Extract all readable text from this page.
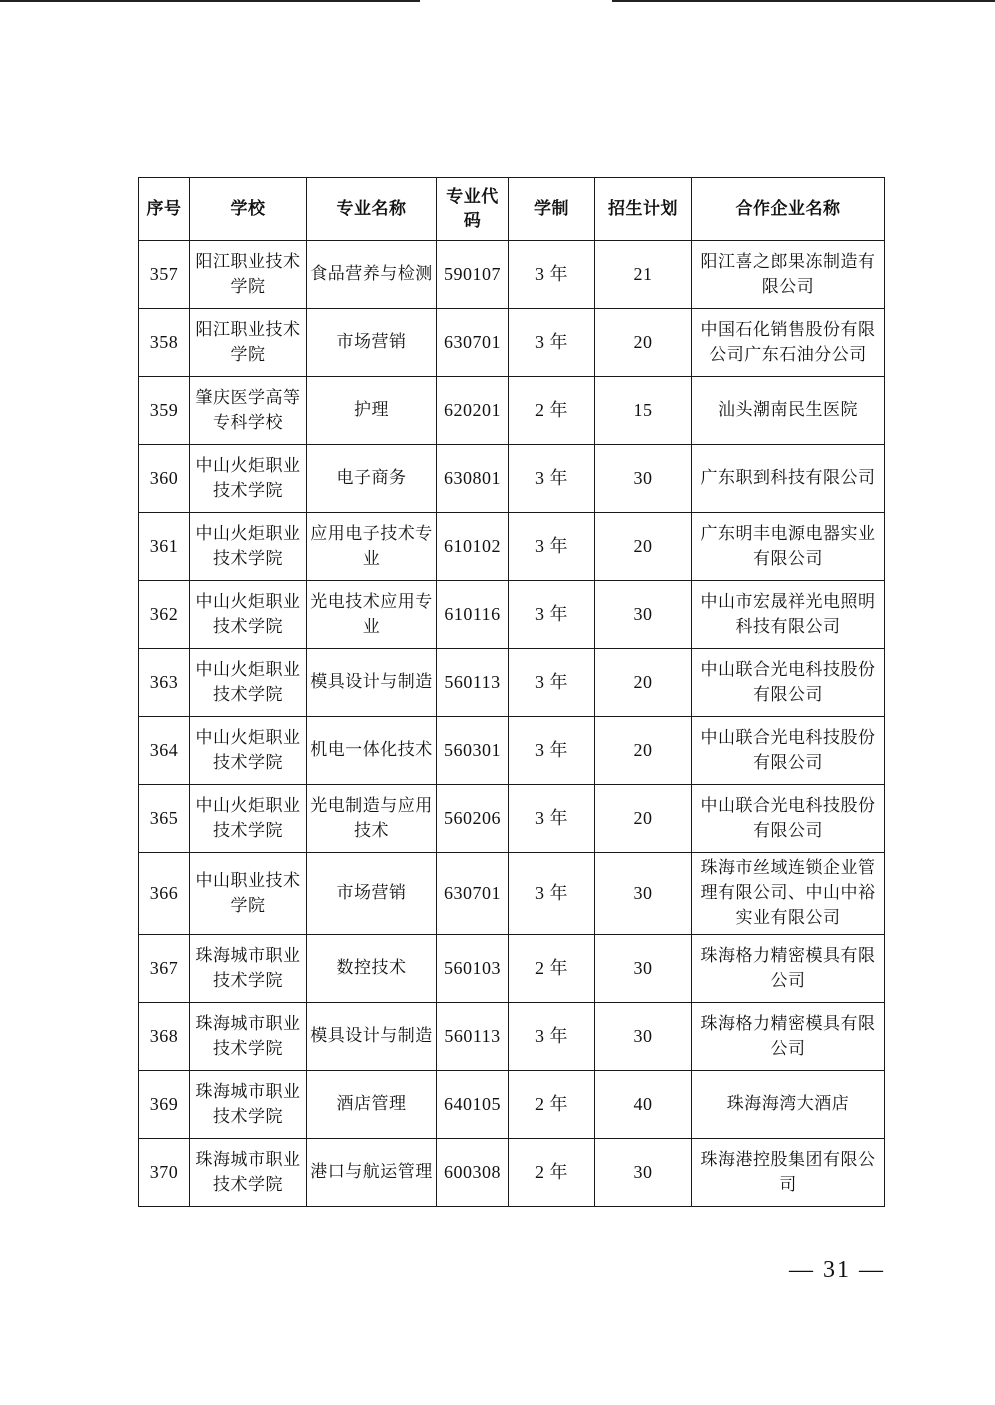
序号	学校	专业名称	专业代码	学制	招生计划	合作企业名称
357	阳江职业技术学院	食品营养与检测	590107	3 年	21	阳江喜之郎果冻制造有限公司
358	阳江职业技术学院	市场营销	630701	3 年	20	中国石化销售股份有限公司广东石油分公司
359	肇庆医学高等专科学校	护理	620201	2 年	15	汕头潮南民生医院
360	中山火炬职业技术学院	电子商务	630801	3 年	30	广东职到科技有限公司
361	中山火炬职业技术学院	应用电子技术专业	610102	3 年	20	广东明丰电源电器实业有限公司
362	中山火炬职业技术学院	光电技术应用专业	610116	3 年	30	中山市宏晟祥光电照明科技有限公司
363	中山火炬职业技术学院	模具设计与制造	560113	3 年	20	中山联合光电科技股份有限公司
364	中山火炬职业技术学院	机电一体化技术	560301	3 年	20	中山联合光电科技股份有限公司
365	中山火炬职业技术学院	光电制造与应用技术	560206	3 年	20	中山联合光电科技股份有限公司
366	中山职业技术学院	市场营销	630701	3 年	30	珠海市丝域连锁企业管理有限公司、中山中裕实业有限公司
367	珠海城市职业技术学院	数控技术	560103	2 年	30	珠海格力精密模具有限公司
368	珠海城市职业技术学院	模具设计与制造	560113	3 年	30	珠海格力精密模具有限公司
369	珠海城市职业技术学院	酒店管理	640105	2 年	40	珠海海湾大酒店
370	珠海城市职业技术学院	港口与航运管理	600308	2 年	30	珠海港控股集团有限公司
— 31 —
